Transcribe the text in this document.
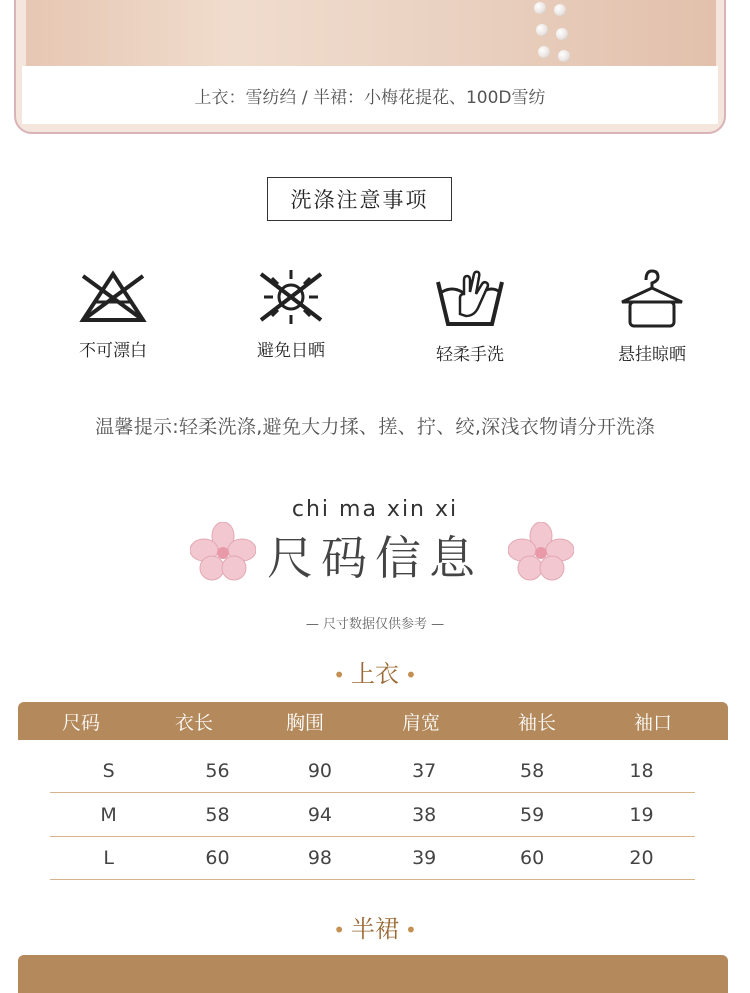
上衣：雪纺绉 / 半裙：小梅花提花、100D雪纺
洗涤注意事项
不可漂白	避免日晒	轻柔手洗	悬挂晾晒
温馨提示:轻柔洗涤,避免大力揉、搓、拧、绞,深浅衣物请分开洗涤
chi ma xin xi
尺码信息
— 尺寸数据仅供参考 —
• 上衣 •
尺码	衣长	胸围	肩宽	袖长	袖口
S	56	90	37	58	18
M	58	94	38	59	19
L	60	98	39	60	20
• 半裙 •
